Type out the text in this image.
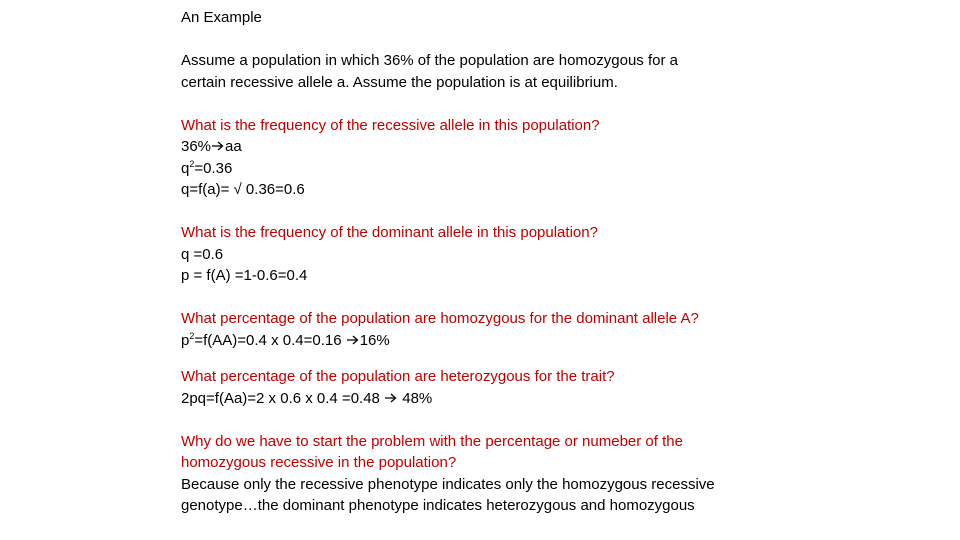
An Example
Assume a population in which 36% of the population are homozygous for a
certain recessive allele a. Assume the population is at equilibrium.
What is the frequency of the recessive allele in this population?
36% aa
$q^2=0.36$
q=f(a)= √ 0.36=0.6
What is the frequency of the dominant allele in this population?
q =0.6
p = f(A) =1-0.6=0.4
What percentage of the population are homozygous for the dominant allele A?
$p^2=f(AA)=0.4$ x 0.4=0.16 16%
What percentage of the population are heterozygous for the trait?
2pq=f(Aa)=2 x 0.6 x 0.4 =0.48  48%
Why do we have to start the problem with the percentage or numeber of the
homozygous recessive in the population?
Because only the recessive phenotype indicates only the homozygous recessive
genotype…the dominant phenotype indicates heterozygous and homozygous
